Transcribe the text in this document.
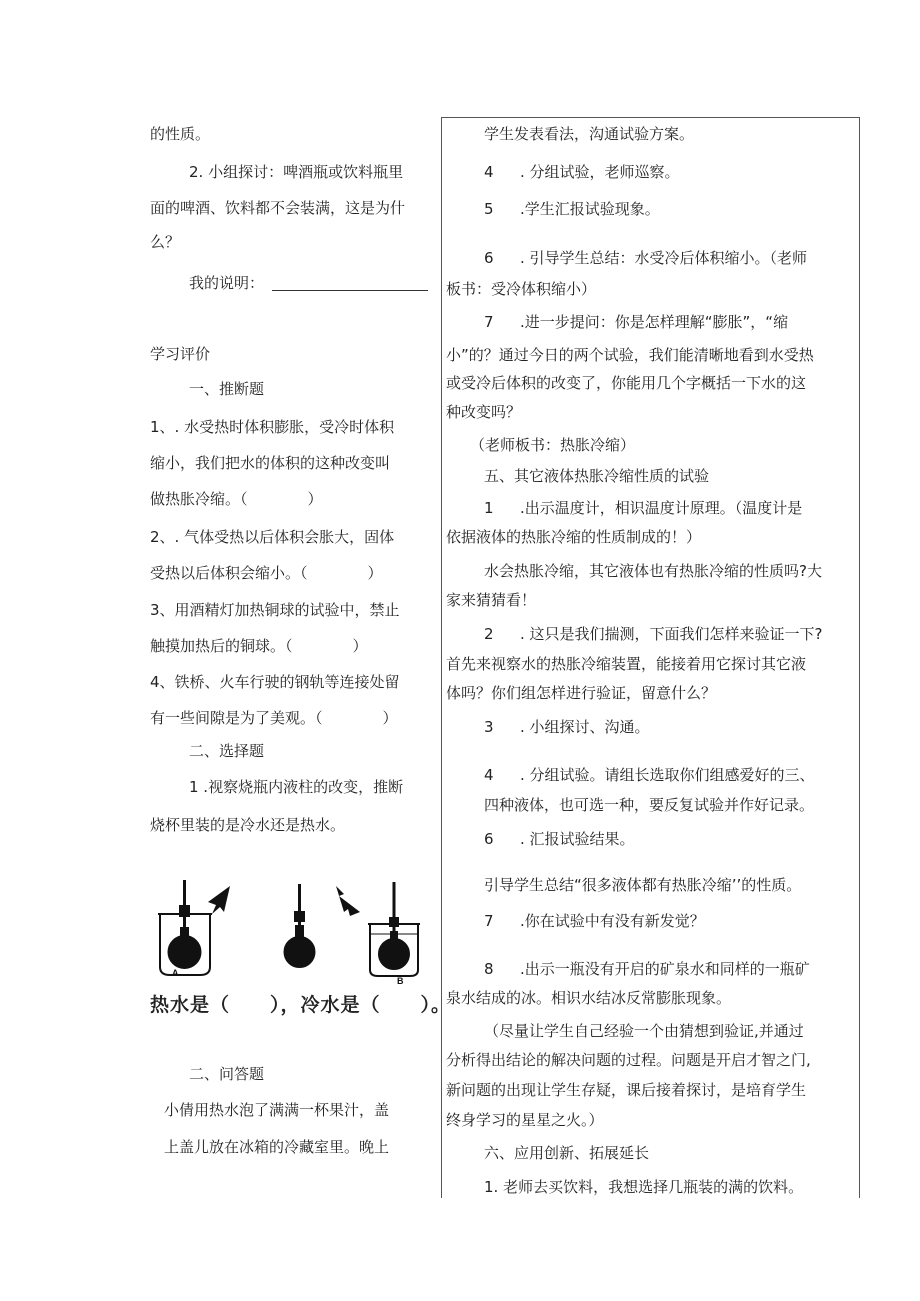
的性质。
2. 小组探讨：啤酒瓶或饮料瓶里
面的啤酒、饮料都不会装满，这是为什
么？
我的说明：
学习评价
一、推断题
1、. 水受热时体积膨胀，受冷时体积
缩小，我们把水的体积的这种改变叫
做热胀冷缩。（　　　　）
2、. 气体受热以后体积会胀大，固体
受热以后体积会缩小。（　　　　）
3、用酒精灯加热铜球的试验中，禁止
触摸加热后的铜球。（　　　　）
4、铁桥、火车行驶的钢轨等连接处留
有一些间隙是为了美观。（　　　　）
二、选择题
1 .视察烧瓶内液柱的改变，推断
烧杯里装的是冷水还是热水。
A
B
热水是（　　），冷水是（　　）。
二、问答题
小倩用热水泡了满满一杯果汁，盖
上盖儿放在冰箱的冷藏室里。晚上
学生发表看法，沟通试验方案。
4 . 分组试验，老师巡察。
5 .学生汇报试验现象。
6 . 引导学生总结：水受冷后体积缩小。（老师
板书：受冷体积缩小）
7 .进一步提问：你是怎样理解“膨胀”，“缩
小”的？通过今日的两个试验，我们能清晰地看到水受热
或受冷后体积的改变了，你能用几个字概括一下水的这
种改变吗？
（老师板书：热胀冷缩）
五、其它液体热胀冷缩性质的试验
1 .出示温度计，相识温度计原理。（温度计是
依据液体的热胀冷缩的性质制成的！）
水会热胀冷缩，其它液体也有热胀冷缩的性质吗?大
家来猜猜看！
2 . 这只是我们揣测，下面我们怎样来验证一下?
首先来视察水的热胀冷缩装置，能接着用它探讨其它液
体吗？你们组怎样进行验证，留意什么？
3 . 小组探讨、沟通。
4 . 分组试验。请组长选取你们组感爱好的三、
四种液体，也可选一种，要反复试验并作好记录。
6 . 汇报试验结果。
引导学生总结“很多液体都有热胀冷缩’’的性质。
7 .你在试验中有没有新发觉？
8 .出示一瓶没有开启的矿泉水和同样的一瓶矿
泉水结成的冰。相识水结冰反常膨胀现象。
（尽量让学生自己经验一个由猜想到验证,并通过
分析得出结论的解决问题的过程。问题是开启才智之门,
新问题的出现让学生存疑，课后接着探讨，是培育学生
终身学习的星星之火。）
六、应用创新、拓展延长
1. 老师去买饮料，我想选择几瓶装的满的饮料。
